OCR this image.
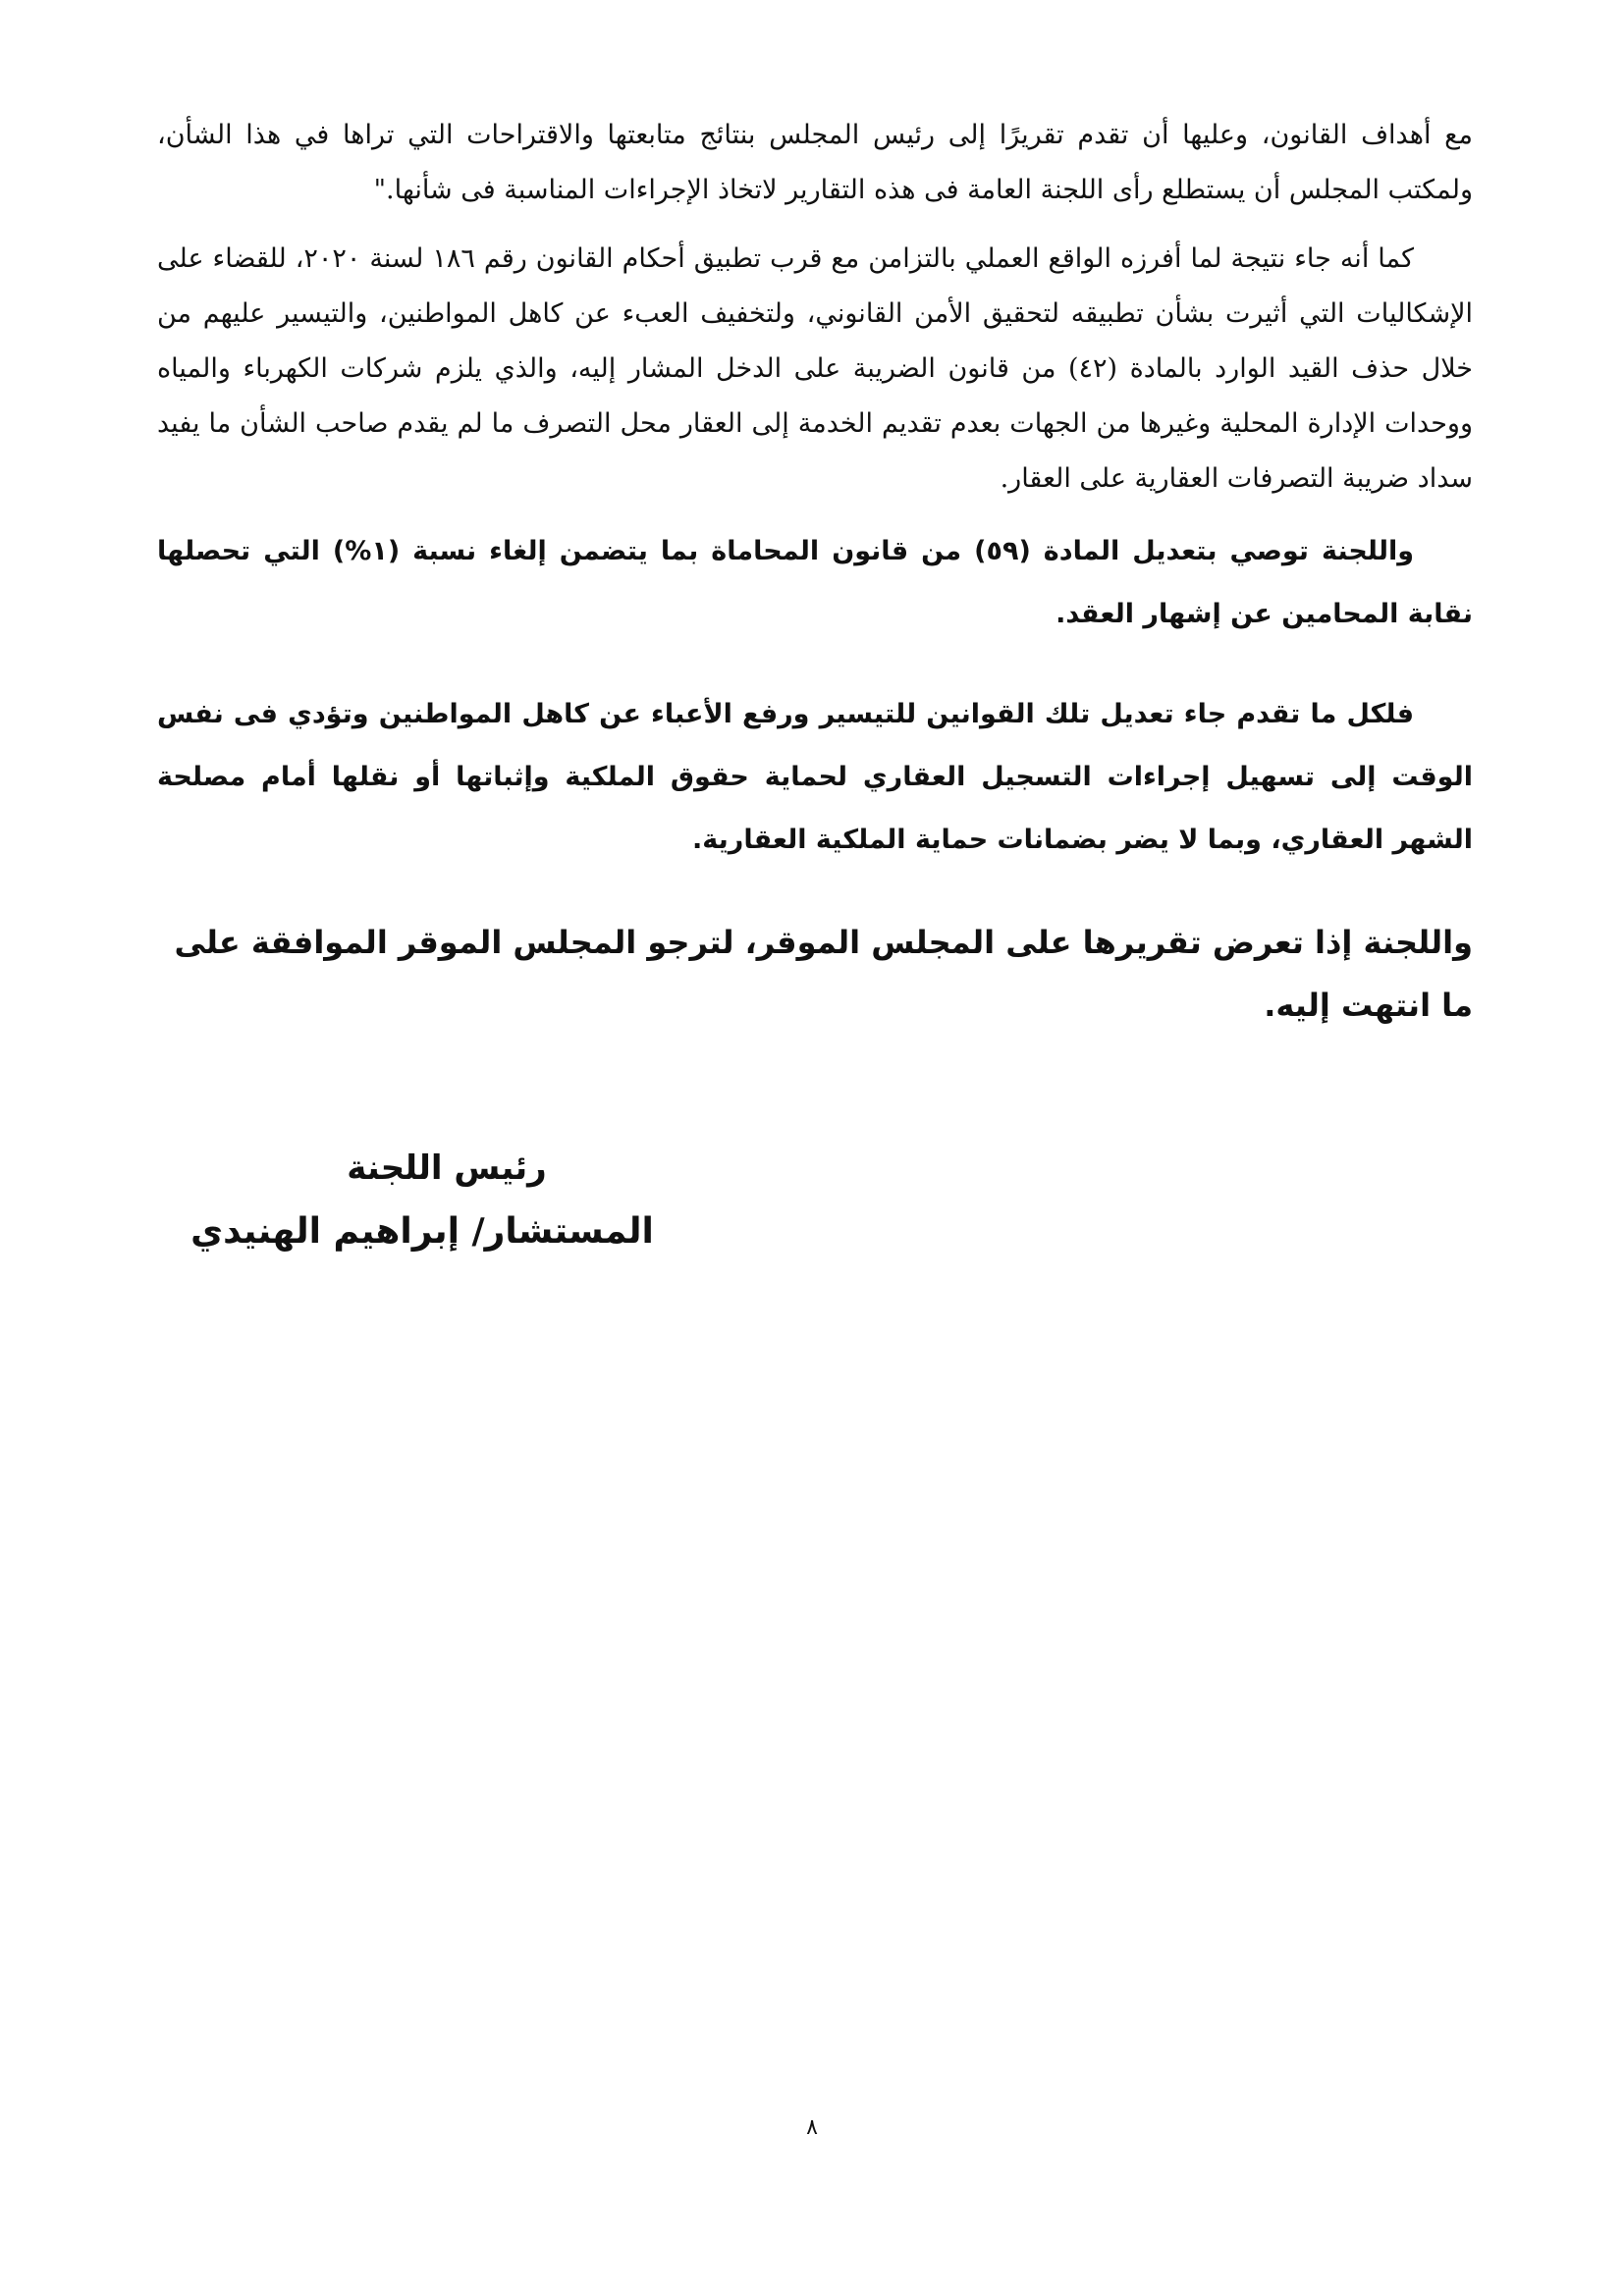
مع أهداف القانون، وعليها أن تقدم تقريرًا إلى رئيس المجلس بنتائج متابعتها والاقتراحات التي تراها في هذا الشأن، ولمكتب المجلس أن يستطلع رأى اللجنة العامة فى هذه التقارير لاتخاذ الإجراءات المناسبة فى شأنها."

كما أنه جاء نتيجة لما أفرزه الواقع العملي بالتزامن مع قرب تطبيق أحكام القانون رقم ١٨٦ لسنة ٢٠٢٠، للقضاء على الإشكاليات التي أثيرت بشأن تطبيقه لتحقيق الأمن القانوني، ولتخفيف العبء عن كاهل المواطنين، والتيسير عليهم من خلال حذف القيد الوارد بالمادة (٤٢) من قانون الضريبة على الدخل المشار إليه، والذي يلزم شركات الكهرباء والمياه ووحدات الإدارة المحلية وغيرها من الجهات بعدم تقديم الخدمة إلى العقار محل التصرف ما لم يقدم صاحب الشأن ما يفيد سداد ضريبة التصرفات العقارية على العقار.

واللجنة توصي بتعديل المادة (٥٩) من قانون المحاماة بما يتضمن إلغاء نسبة (١%) التي تحصلها نقابة المحامين عن إشهار العقد.

فلكل ما تقدم جاء تعديل تلك القوانين للتيسير ورفع الأعباء عن كاهل المواطنين وتؤدي فى نفس الوقت إلى تسهيل إجراءات التسجيل العقاري لحماية حقوق الملكية وإثباتها أو نقلها أمام مصلحة الشهر العقاري، وبما لا يضر بضمانات حماية الملكية العقارية.

واللجنة إذا تعرض تقريرها على المجلس الموقر، لترجو المجلس الموقر الموافقة على ما انتهت إليه.

رئيس اللجنة
المستشار/ إبراهيم الهنيدي
٨
